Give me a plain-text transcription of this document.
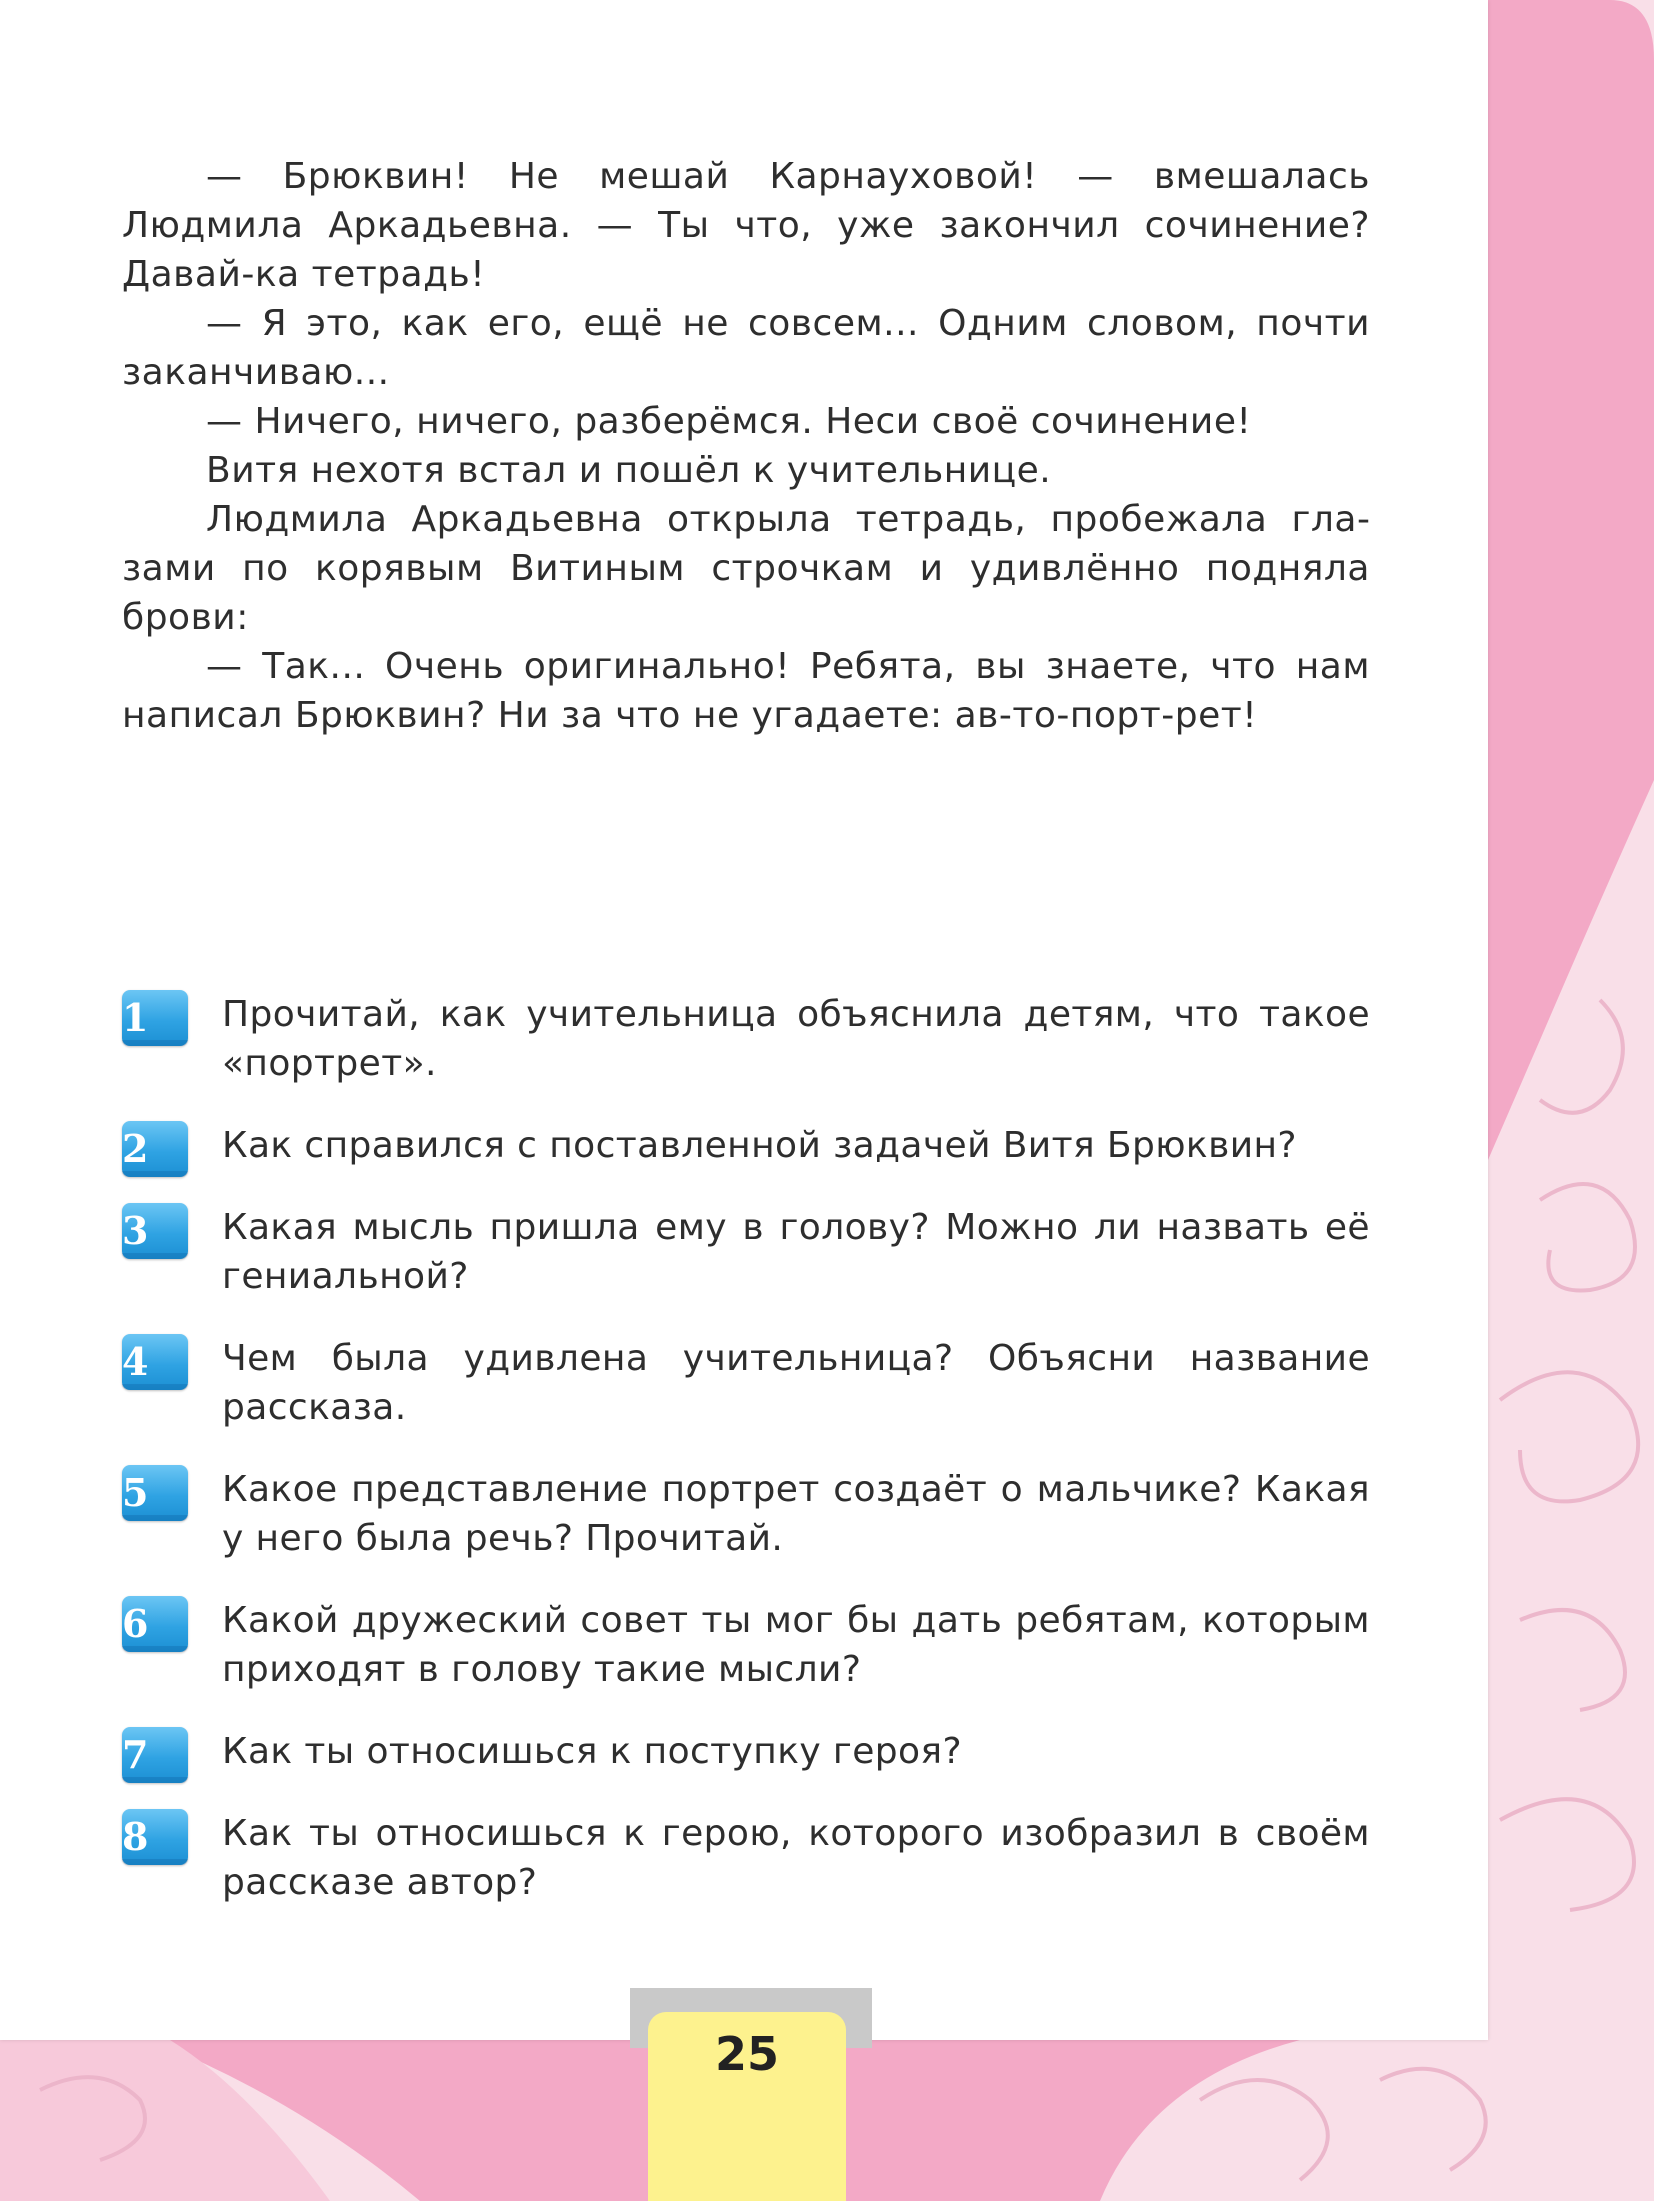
— Брюквин! Не мешай Карнауховой! — вмешалась Людмила Аркадьевна. — Ты что, уже закончил сочинение? Давай-ка тетрадь!

— Я это, как его, ещё не совсем... Одним словом, почти заканчиваю...

— Ничего, ничего, разберёмся. Неси своё сочинение!

Витя нехотя встал и пошёл к учительнице.

Людмила Аркадьевна открыла тетрадь, пробежала глазами по корявым Витиным строчкам и удивлённо подняла брови:

— Так... Очень оригинально! Ребята, вы знаете, что нам написал Брюквин? Ни за что не угадаете: ав-то-порт-рет!

1	Прочитай, как учительница объяснила детям, что такое «портрет».
2	Как справился с поставленной задачей Витя Брюквин?
3	Какая мысль пришла ему в голову? Можно ли назвать её гениальной?
4	Чем была удивлена учительница? Объясни название рассказа.
5	Какое представление портрет создаёт о мальчике? Какая у него была речь? Прочитай.
6	Какой дружеский совет ты мог бы дать ребятам, которым приходят в голову такие мысли?
7	Как ты относишься к поступку героя?
8	Как ты относишься к герою, которого изобразил в своём рассказе автор?
25
